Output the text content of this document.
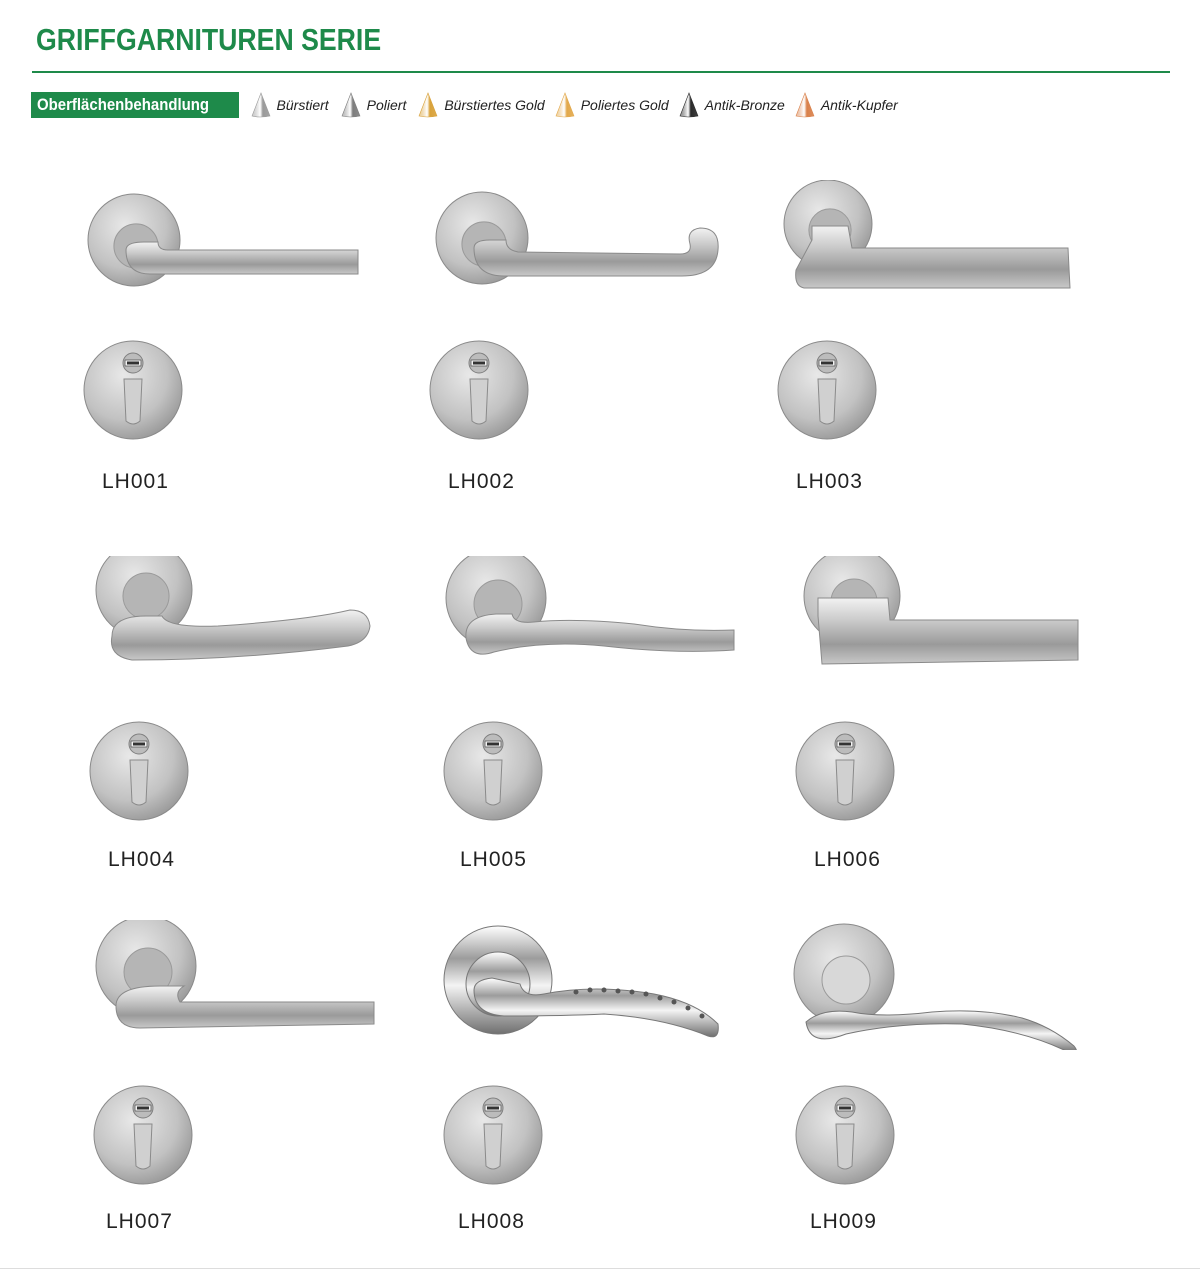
GRIFFGARNITUREN SERIE
Oberflächenbehandlung	Bürstiert	Poliert	Bürstiertes Gold	Poliertes Gold	Antik-Bronze	Antik-Kupfer
LH001	LH002	LH003
LH004	LH005	LH006
LH007	LH008	LH009
